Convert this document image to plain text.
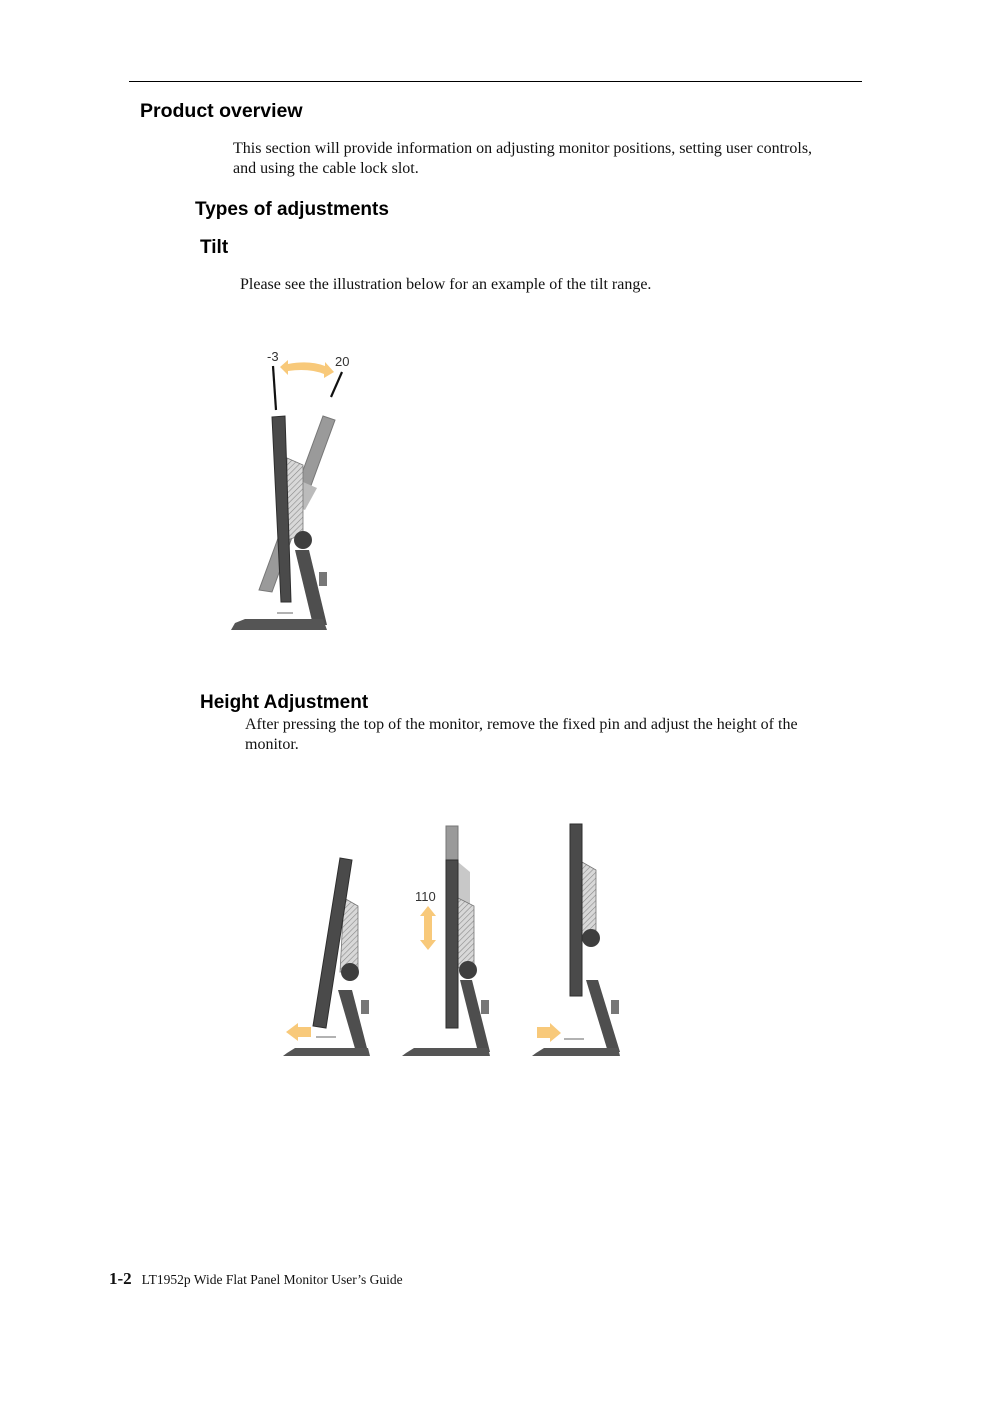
Product overview

This section will provide information on adjusting monitor positions, setting user controls, and using the cable lock slot.

Types of adjustments
Tilt

Please see the illustration below for an example of the tilt range.

-3	20
Height Adjustment

After pressing the top of the monitor, remove the fixed pin and adjust the height of the monitor.

110
1-2 LT1952p Wide Flat Panel Monitor User’s Guide
